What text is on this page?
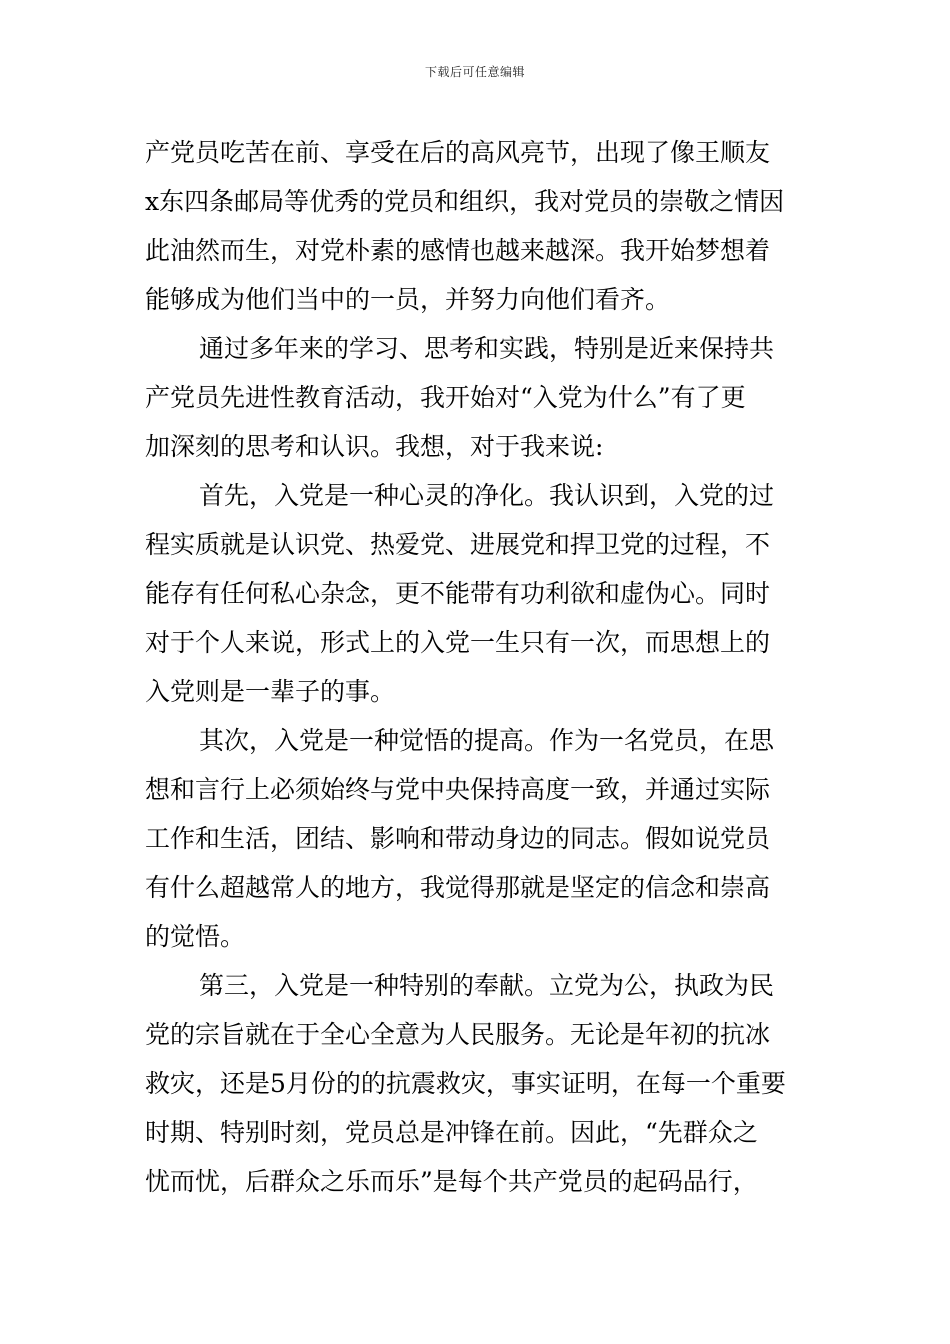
下载后可任意编辑
产党员吃苦在前、享受在后的高风亮节，出现了像王顺友
x东四条邮局等优秀的党员和组织，我对党员的崇敬之情因
此油然而生，对党朴素的感情也越来越深。我开始梦想着
能够成为他们当中的一员，并努力向他们看齐。
通过多年来的学习、思考和实践，特别是近来保持共
产党员先进性教育活动，我开始对“入党为什么”有了更
加深刻的思考和认识。我想，对于我来说:
首先，入党是一种心灵的净化。我认识到，入党的过
程实质就是认识党、热爱党、进展党和捍卫党的过程，不
能存有任何私心杂念，更不能带有功利欲和虚伪心。同时
对于个人来说，形式上的入党一生只有一次，而思想上的
入党则是一辈子的事。
其次，入党是一种觉悟的提高。作为一名党员，在思
想和言行上必须始终与党中央保持高度一致，并通过实际
工作和生活，团结、影响和带动身边的同志。假如说党员
有什么超越常人的地方，我觉得那就是坚定的信念和崇高
的觉悟。
第三，入党是一种特别的奉献。立党为公，执政为民
党的宗旨就在于全心全意为人民服务。无论是年初的抗冰
救灾，还是5月份的的抗震救灾，事实证明，在每一个重要
时期、特别时刻，党员总是冲锋在前。因此，“先群众之
忧而忧，后群众之乐而乐”是每个共产党员的起码品行，
